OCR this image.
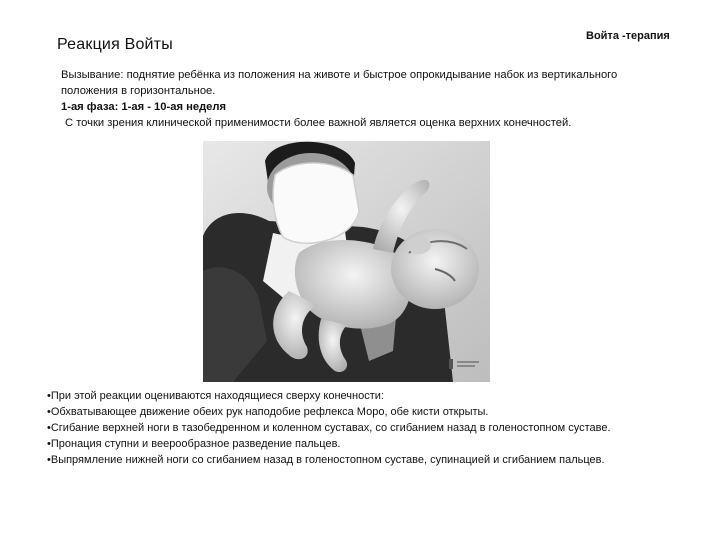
Реакция Войты	Войта -терапия

Вызывание: поднятие ребёнка из положения на животе и быстрое опрокидывание набок из вертикального положения в горизонтальное.

1-ая фаза: 1-ая - 10-ая неделя

С точки зрения клинической применимости более важной является оценка верхних конечностей.

•При этой реакции оцениваются находящиеся сверху конечности:

•Обхватывающее движение обеих рук наподобие рефлекса Моро, обе кисти открыты.

•Сгибание верхней ноги в тазобедренном и коленном суставах, со сгибанием назад в голеностопном суставе.

•Пронация ступни и веерообразное разведение пальцев.

•Выпрямление нижней ноги со сгибанием назад в голеностопном суставе, супинацией и сгибанием пальцев.
